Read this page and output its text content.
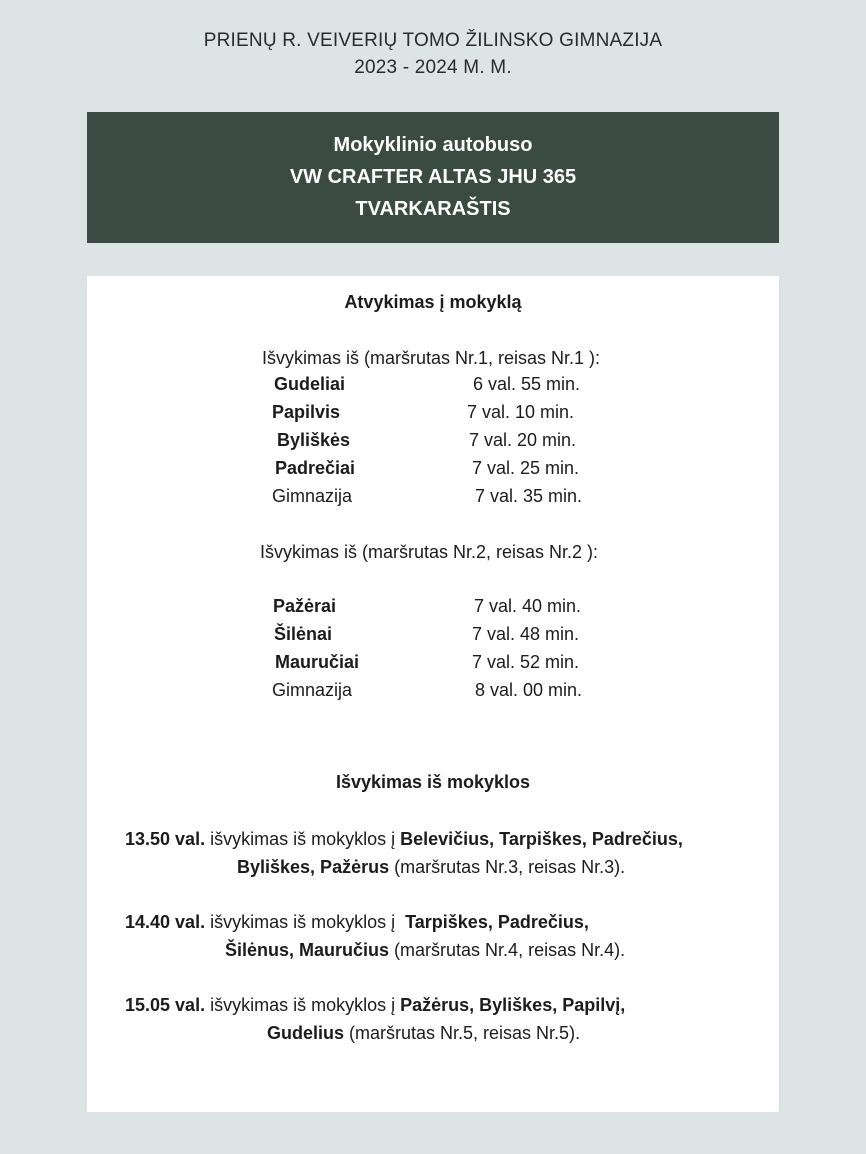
PRIENŲ R. VEIVERIŲ TOMO ŽILINSKO GIMNAZIJA
2023 - 2024 M. M.
Mokyklinio autobuso
VW CRAFTER ALTAS JHU 365
TVARKARAŠTIS
Atvykimas į mokyklą
Išvykimas iš (maršrutas Nr.1, reisas Nr.1 ):
Gudeliai	6 val. 55 min.
Papilvis	7 val. 10 min.
Byliškės	7 val. 20 min.
Padrečiai	7 val. 25 min.
Gimnazija	7 val. 35 min.
Išvykimas iš (maršrutas Nr.2, reisas Nr.2 ):
Pažėrai	7 val. 40 min.
Šilėnai	7 val. 48 min.
Mauručiai	7 val. 52 min.
Gimnazija	8 val. 00 min.
Išvykimas iš mokyklos
13.50 val. išvykimas iš mokyklos į Belevičius, Tarpiškes, Padrečius,
Byliškes, Pažėrus (maršrutas Nr.3, reisas Nr.3).
14.40 val. išvykimas iš mokyklos į  Tarpiškes, Padrečius,
Šilėnus, Mauručius (maršrutas Nr.4, reisas Nr.4).
15.05 val. išvykimas iš mokyklos į Pažėrus, Byliškes, Papilvį,
Gudelius (maršrutas Nr.5, reisas Nr.5).
